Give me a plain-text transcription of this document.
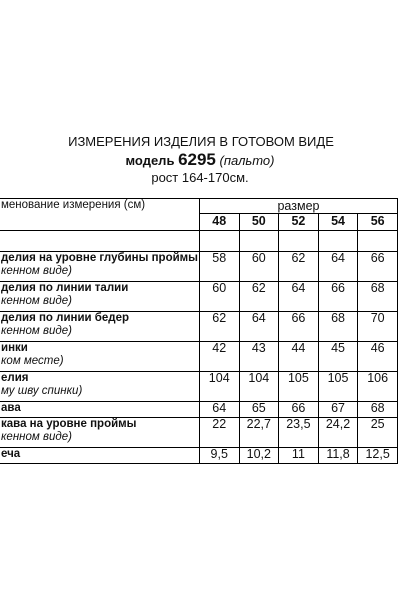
ИЗМЕРЕНИЯ ИЗДЕЛИЯ В ГОТОВОМ ВИДЕ
модель 6295 (пальто)
рост 164-170см.
менование измерения (см)	размер				
	48	50	52	54	56

делия на уровне глубины проймы
кенном виде)	58	60	62	64	66
делия по линии талии
кенном виде)	60	62	64	66	68
делия по линии бедер
кенном виде)	62	64	66	68	70
инки
ком месте)	42	43	44	45	46
елия
му шву спинки)	104	104	105	105	106
ава	64	65	66	67	68
кава на уровне проймы
кенном виде)	22	22,7	23,5	24,2	25
еча	9,5	10,2	11	11,8	12,5
